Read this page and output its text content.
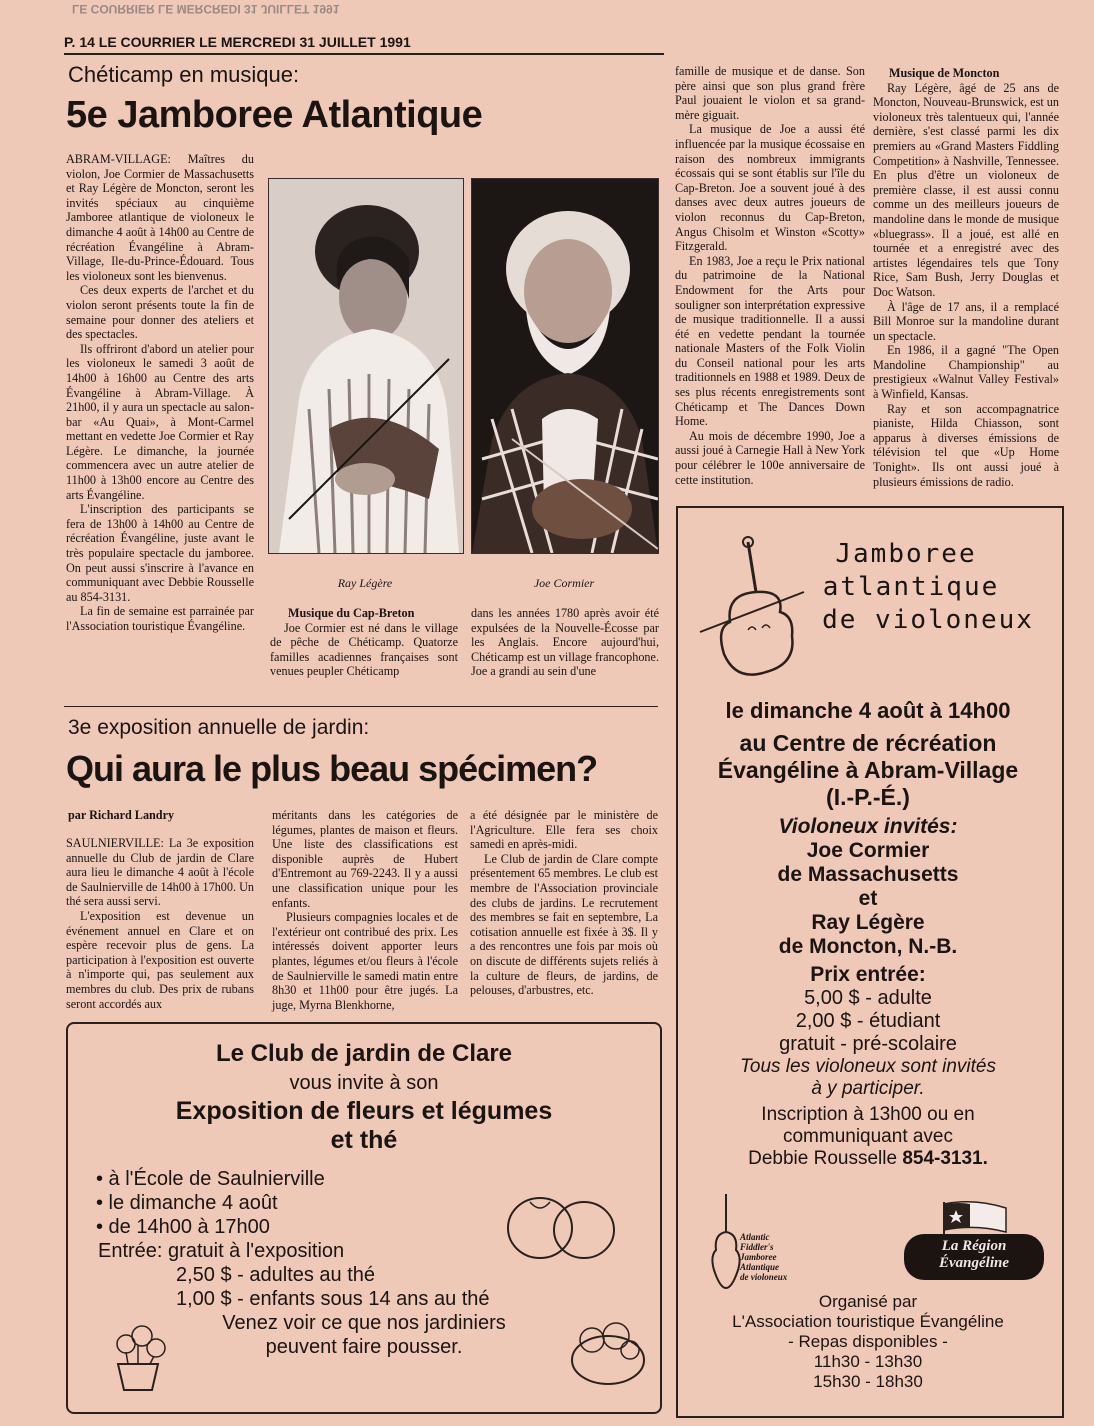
LE COURRIER LE MERCREDI 31 JUILLET 1991
P. 14 LE COURRIER LE MERCREDI 31 JUILLET 1991
Chéticamp en musique:
5e Jamboree Atlantique

ABRAM-VILLAGE: Maîtres du violon, Joe Cormier de Massachusetts et Ray Légère de Moncton, seront les invités spéciaux au cinquième Jamboree atlantique de violoneux le dimanche 4 août à 14h00 au Centre de récréation Évangéline à Abram-Village, Ile-du-Prince-Édouard. Tous les violoneux sont les bienvenus.

Ces deux experts de l'archet et du violon seront présents toute la fin de semaine pour donner des ateliers et des spectacles.

Ils offriront d'abord un atelier pour les violoneux le samedi 3 août de 14h00 à 16h00 au Centre des arts Évangéline à Abram-Village. À 21h00, il y aura un spectacle au salon-bar «Au Quai», à Mont-Carmel mettant en vedette Joe Cormier et Ray Légère. Le dimanche, la journée commencera avec un autre atelier de 11h00 à 13h00 encore au Centre des arts Évangéline.

L'inscription des participants se fera de 13h00 à 14h00 au Centre de récréation Évangéline, juste avant le très populaire spectacle du jamboree. On peut aussi s'inscrire à l'avance en communiquant avec Debbie Rousselle au 854-3131.

La fin de semaine est parrainée par l'Association touristique Évangéline.

Ray Légère	Joe Cormier
Musique du Cap-Breton

Joe Cormier est né dans le village de pêche de Chéticamp. Quatorze familles acadiennes françaises sont venues peupler Chéticamp

dans les années 1780 après avoir été expulsées de la Nouvelle-Écosse par les Anglais. Encore aujourd'hui, Chéticamp est un village francophone. Joe a grandi au sein d'une

famille de musique et de danse. Son père ainsi que son plus grand frère Paul jouaient le violon et sa grand-mère giguait.

La musique de Joe a aussi été influencée par la musique écossaise en raison des nombreux immigrants écossais qui se sont établis sur l'île du Cap-Breton. Joe a souvent joué à des danses avec deux autres joueurs de violon reconnus du Cap-Breton, Angus Chisolm et Winston «Scotty» Fitzgerald.

En 1983, Joe a reçu le Prix national du patrimoine de la National Endowment for the Arts pour souligner son interprétation expressive de musique traditionnelle. Il a aussi été en vedette pendant la tournée nationale Masters of the Folk Violin du Conseil national pour les arts traditionnels en 1988 et 1989. Deux de ses plus récents enregistrements sont Chéticamp et The Dances Down Home.

Au mois de décembre 1990, Joe a aussi joué à Carnegie Hall à New York pour célébrer le 100e anniversaire de cette institution.

Musique de Moncton

Ray Légère, âgé de 25 ans de Moncton, Nouveau-Brunswick, est un violoneux très talentueux qui, l'année dernière, s'est classé parmi les dix premiers au «Grand Masters Fiddling Competition» à Nashville, Tennessee. En plus d'être un violoneux de première classe, il est aussi connu comme un des meilleurs joueurs de mandoline dans le monde de musique «bluegrass». Il a joué, est allé en tournée et a enregistré avec des artistes légendaires tels que Tony Rice, Sam Bush, Jerry Douglas et Doc Watson.

À l'âge de 17 ans, il a remplacé Bill Monroe sur la mandoline durant un spectacle.

En 1986, il a gagné "The Open Mandoline Championship" au prestigieux «Walnut Valley Festival» à Winfield, Kansas.

Ray et son accompagnatrice pianiste, Hilda Chiasson, sont apparus à diverses émissions de télévision tel que «Up Home Tonight». Ils ont aussi joué à plusieurs émissions de radio.

3e exposition annuelle de jardin:
Qui aura le plus beau spécimen?
par Richard Landry

SAULNIERVILLE: La 3e exposition annuelle du Club de jardin de Clare aura lieu le dimanche 4 août à l'école de Saulnierville de 14h00 à 17h00. Un thé sera aussi servi.

L'exposition est devenue un événement annuel en Clare et on espère recevoir plus de gens. La participation à l'exposition est ouverte à n'importe qui, pas seulement aux membres du club. Des prix de rubans seront accordés aux

méritants dans les catégories de légumes, plantes de maison et fleurs. Une liste des classifications est disponible auprès de Hubert d'Entremont au 769-2243. Il y a aussi une classification unique pour les enfants.

Plusieurs compagnies locales et de l'extérieur ont contribué des prix. Les intéressés doivent apporter leurs plantes, légumes et/ou fleurs à l'école de Saulnierville le samedi matin entre 8h30 et 11h00 pour être jugés. La juge, Myrna Blenkhorne,

a été désignée par le ministère de l'Agriculture. Elle fera ses choix samedi en après-midi.

Le Club de jardin de Clare compte présentement 65 membres. Le club est membre de l'Association provinciale des clubs de jardins. Le recrutement des membres se fait en septembre, La cotisation annuelle est fixée à 3$. Il y a des rencontres une fois par mois où on discute de différents sujets reliés à la culture de fleurs, de jardins, de pelouses, d'arbustres, etc.

Le Club de jardin de Clare
vous invite à son
Exposition de fleurs et légumes
et thé
• à l'École de Saulnierville
• le dimanche 4 août
• de 14h00 à 17h00
Entrée: gratuit à l'exposition
2,50 $ - adultes au thé
1,00 $ - enfants sous 14 ans au thé
Venez voir ce que nos jardiniers
peuvent faire pousser.
Jamboree
atlantique
de violoneux
le dimanche 4 août à 14h00
au Centre de récréation
Évangéline à Abram-Village
(I.-P.-É.)
Violoneux invités:
Joe Cormier
de Massachusetts
et
Ray Légère
de Moncton, N.-B.
Prix entrée:
5,00 $ - adulte
2,00 $ - étudiant
gratuit - pré-scolaire
Tous les violoneux sont invités
à y participer.
Inscription à 13h00 ou en
communiquant avec
Debbie Rousselle 854-3131.
Atlantic
Fiddler's
Jamboree
Atlantique
de violoneux
La Région
Évangéline
Organisé par
L'Association touristique Évangéline
- Repas disponibles -
11h30 - 13h30
15h30 - 18h30
